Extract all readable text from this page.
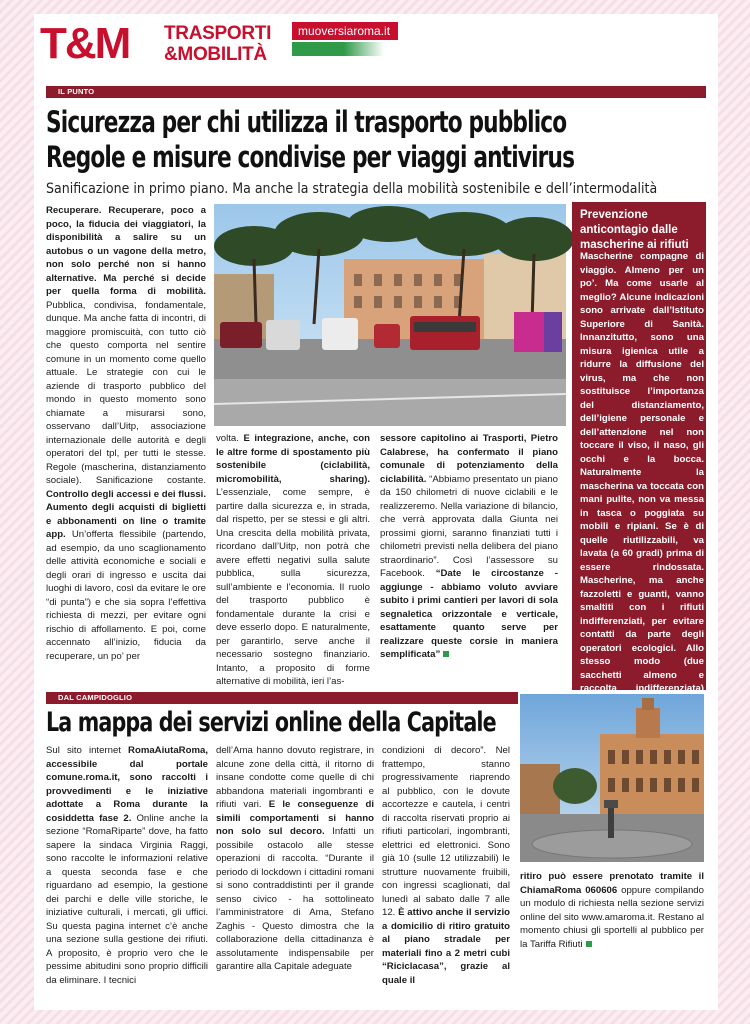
T&M TRASPORTI
&MOBILITÀ
muoversiaroma.it
IL PUNTO
Sicurezza per chi utilizza il trasporto pubblico
Regole e misure condivise per viaggi antivirus
Sanificazione in primo piano. Ma anche la strategia della mobilità sostenibile e dell’intermodalità

Recuperare. Recuperare, poco a poco, la fiducia dei viaggiatori, la disponibilità a salire su un autobus o un vagone della metro, non solo perché non si hanno alternative. Ma perché si decide per quella forma di mobilità. Pubblica, condivisa, fondamentale, dunque. Ma anche fatta di incontri, di maggiore promiscuità, con tutto ciò che questo comporta nel sentire comune in un momento come quello attuale. Le strategie con cui le aziende di trasporto pubblico del mondo in questo momento sono chiamate a misurarsi sono, osservano dall’Uitp, associazione internazionale delle autorità e degli operatori del tpl, per tutti le stesse. Regole (mascherina, distanziamento sociale). Sanificazione costante. Controllo degli accessi e dei flussi. Aumento degli acquisti di biglietti e abbonamenti on line o tramite app. Un’offerta flessibile (partendo, ad esempio, da uno scaglionamento delle attività economiche e sociali e degli orari di ingresso e uscita dai luoghi di lavoro, così da evitare le ore “di punta”) e che sia sopra l’effettiva richiesta di mezzi, per evitare ogni rischio di affollamento. E poi, come accennato all’inizio, fiducia da recuperare, un po’ per

volta. E integrazione, anche, con le altre forme di spostamento più sostenibile (ciclabilità, micromobilità, sharing). L’essenziale, come sempre, è partire dalla sicurezza e, in strada, dal rispetto, per se stessi e gli altri. Una crescita della mobilità privata, ricordano dall’Uitp, non potrà che avere effetti negativi sulla salute pubblica, sulla sicurezza, sull’ambiente e l’economia. Il ruolo del trasporto pubblico è fondamentale durante la crisi e deve esserlo dopo. E naturalmente, per garantirlo, serve anche il necessario sostegno finanziario. Intanto, a proposito di forme alternative di mobilità, ieri l’as-

sessore capitolino ai Trasporti, Pietro Calabrese, ha confermato il piano comunale di potenziamento della ciclabilità. “Abbiamo presentato un piano da 150 chilometri di nuove ciclabili e le realizzeremo. Nella variazione di bilancio, che verrà approvata dalla Giunta nei prossimi giorni, saranno finanziati tutti i chilometri previsti nella delibera del piano straordinario”. Così l’assessore su Facebook. “Date le circostanze - aggiunge - abbiamo voluto avviare subito i primi cantieri per lavori di sola segnaletica orizzontale e verticale, esattamente quanto serve per realizzare queste corsie in maniera semplificata”

Prevenzione anticontagio dalle mascherine ai rifiuti
Mascherine compagne di viaggio. Almeno per un po’. Ma come usarle al meglio? Alcune indicazioni sono arrivate dall’Istituto Superiore di Sanità. Innanzitutto, sono una misura igienica utile a ridurre la diffusione del virus, ma che non sostituisce l’importanza del distanziamento, dell’igiene personale e dell’attenzione nel non toccare il viso, il naso, gli occhi e la bocca. Naturalmente la mascherina va toccata con mani pulite, non va messa in tasca o poggiata su mobili e ripiani. Se è di quelle riutilizzabili, va lavata (a 60 gradi) prima di essere rindossata. Mascherine, ma anche fazzoletti e guanti, vanno smaltiti con i rifiuti indifferenziati, per evitare contatti da parte degli operatori ecologici. Allo stesso modo (due sacchetti almeno e raccolta indifferenziata)
DAL CAMPIDOGLIO
La mappa dei servizi online della Capitale

Sul sito internet RomaAiutaRoma, accessibile dal portale comune.roma.it, sono raccolti i provvedimenti e le iniziative adottate a Roma durante la cosiddetta fase 2. Online anche la sezione “RomaRiparte” dove, ha fatto sapere la sindaca Virginia Raggi, sono raccolte le informazioni relative a questa seconda fase e che riguardano ad esempio, la gestione dei parchi e delle ville storiche, le iniziative culturali, i mercati, gli uffici. Su questa pagina internet c’è anche una sezione sulla gestione dei rifiuti. A proposito, è proprio vero che le pessime abitudini sono proprio difficili da eliminare. I tecnici

dell’Ama hanno dovuto registrare, in alcune zone della città, il ritorno di insane condotte come quelle di chi abbandona materiali ingombranti e rifiuti vari. E le conseguenze di simili comportamenti si hanno non solo sul decoro. Infatti un possibile ostacolo alle stesse operazioni di raccolta. “Durante il periodo di lockdown i cittadini romani si sono contraddistinti per il grande senso civico - ha sottolineato l’amministratore di Ama, Stefano Zaghis - Questo dimostra che la collaborazione della cittadinanza è assolutamente indispensabile per garantire alla Capitale adeguate

condizioni di decoro”. Nel frattempo, stanno progressivamente riaprendo al pubblico, con le dovute accortezze e cautela, i centri di raccolta riservati proprio ai rifiuti particolari, ingombranti, elettrici ed elettronici. Sono già 10 (sulle 12 utilizzabili) le strutture nuovamente fruibili, con ingressi scaglionati, dal lunedì al sabato dalle 7 alle 12. È attivo anche il servizio a domicilio di ritiro gratuito al piano stradale per materiali fino a 2 metri cubi “Riciclacasa”, grazie al quale il

ritiro può essere prenotato tramite il ChiamaRoma 060606 oppure compilando un modulo di richiesta nella sezione servizi online del sito www.amaroma.it. Restano al momento chiusi gli sportelli al pubblico per la Tariffa Rifiuti
